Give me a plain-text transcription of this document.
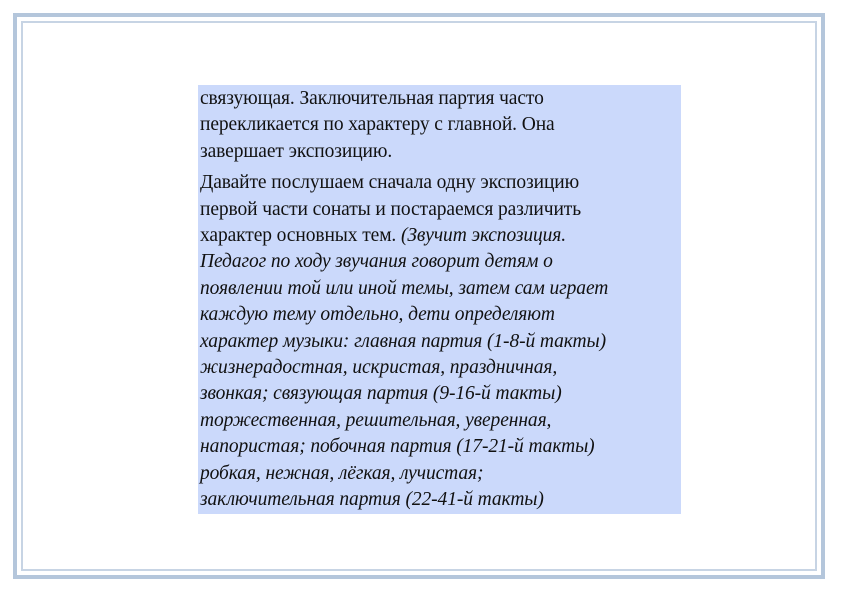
связующая. Заключительная партия часто
перекликается по характеру с главной. Она
завершает экспозицию.
Давайте послушаем сначала одну экспозицию
первой части сонаты и постараемся различить
характер основных тем. (Звучит экспозиция.
Педагог по ходу звучания говорит детям о
появлении той или иной темы, затем сам играет
каждую тему отдельно, дети определяют
характер музыки: главная партия (1-8-й такты)
жизнерадостная, искристая, праздничная,
звонкая; связующая партия (9-16-й такты)
торжественная, решительная, уверенная,
напористая; побочная партия (17-21-й такты)
робкая, нежная, лёгкая, лучистая;
заключительная партия (22-41-й такты)
